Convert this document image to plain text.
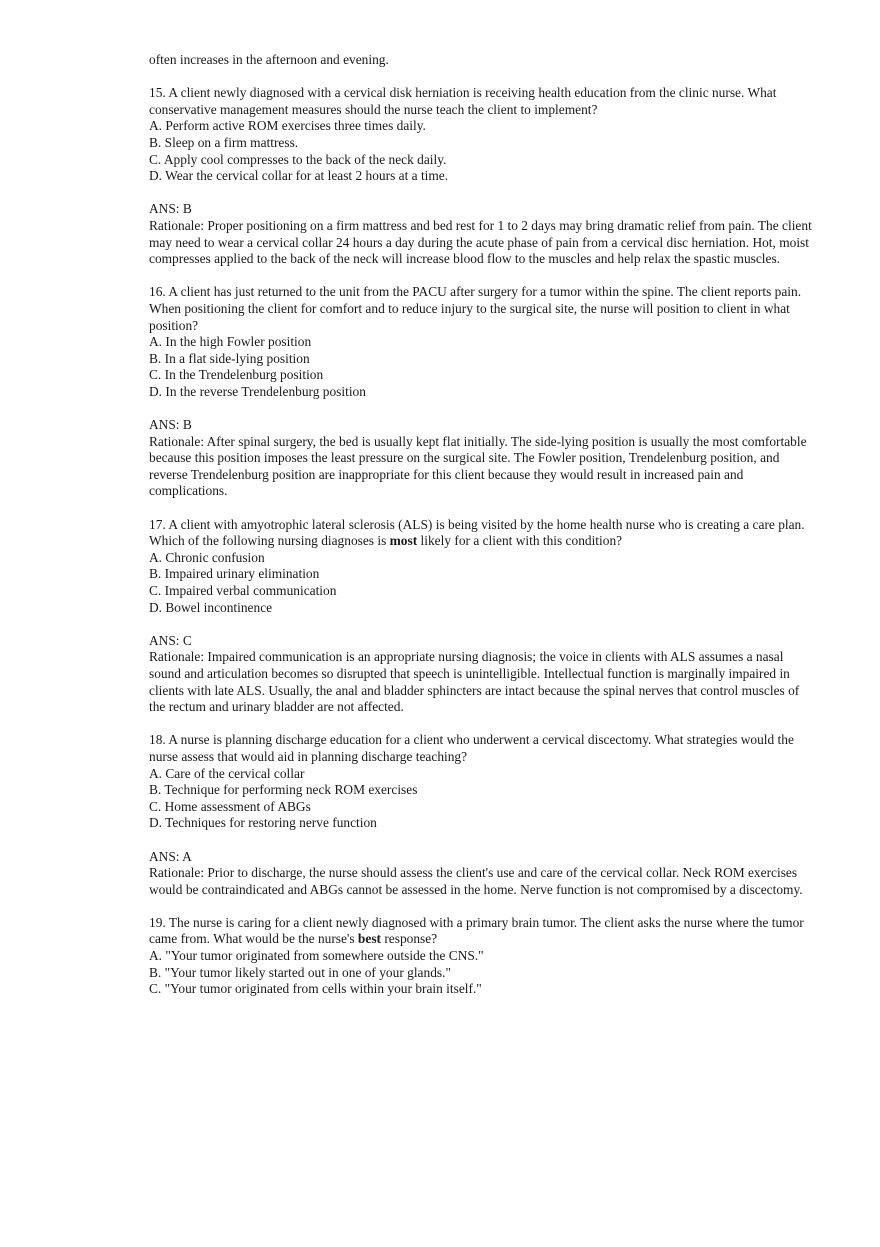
often increases in the afternoon and evening.
15. A client newly diagnosed with a cervical disk herniation is receiving health education from the clinic nurse. What conservative management measures should the nurse teach the client to implement?
A. Perform active ROM exercises three times daily.
B. Sleep on a firm mattress.
C. Apply cool compresses to the back of the neck daily.
D. Wear the cervical collar for at least 2 hours at a time.
ANS: B
Rationale: Proper positioning on a firm mattress and bed rest for 1 to 2 days may bring dramatic relief from pain. The client may need to wear a cervical collar 24 hours a day during the acute phase of pain from a cervical disc herniation. Hot, moist compresses applied to the back of the neck will increase blood flow to the muscles and help relax the spastic muscles.
16. A client has just returned to the unit from the PACU after surgery for a tumor within the spine. The client reports pain. When positioning the client for comfort and to reduce injury to the surgical site, the nurse will position to client in what position?
A. In the high Fowler position
B. In a flat side-lying position
C. In the Trendelenburg position
D. In the reverse Trendelenburg position
ANS: B
Rationale: After spinal surgery, the bed is usually kept flat initially. The side-lying position is usually the most comfortable because this position imposes the least pressure on the surgical site. The Fowler position, Trendelenburg position, and reverse Trendelenburg position are inappropriate for this client because they would result in increased pain and complications.
17. A client with amyotrophic lateral sclerosis (ALS) is being visited by the home health nurse who is creating a care plan. Which of the following nursing diagnoses is most likely for a client with this condition?
A. Chronic confusion
B. Impaired urinary elimination
C. Impaired verbal communication
D. Bowel incontinence
ANS: C
Rationale: Impaired communication is an appropriate nursing diagnosis; the voice in clients with ALS assumes a nasal sound and articulation becomes so disrupted that speech is unintelligible. Intellectual function is marginally impaired in clients with late ALS. Usually, the anal and bladder sphincters are intact because the spinal nerves that control muscles of the rectum and urinary bladder are not affected.
18. A nurse is planning discharge education for a client who underwent a cervical discectomy. What strategies would the nurse assess that would aid in planning discharge teaching?
A. Care of the cervical collar
B. Technique for performing neck ROM exercises
C. Home assessment of ABGs
D. Techniques for restoring nerve function
ANS: A
Rationale: Prior to discharge, the nurse should assess the client's use and care of the cervical collar. Neck ROM exercises would be contraindicated and ABGs cannot be assessed in the home. Nerve function is not compromised by a discectomy.
19. The nurse is caring for a client newly diagnosed with a primary brain tumor. The client asks the nurse where the tumor came from. What would be the nurse's best response?
A. "Your tumor originated from somewhere outside the CNS."
B. "Your tumor likely started out in one of your glands."
C. "Your tumor originated from cells within your brain itself."
